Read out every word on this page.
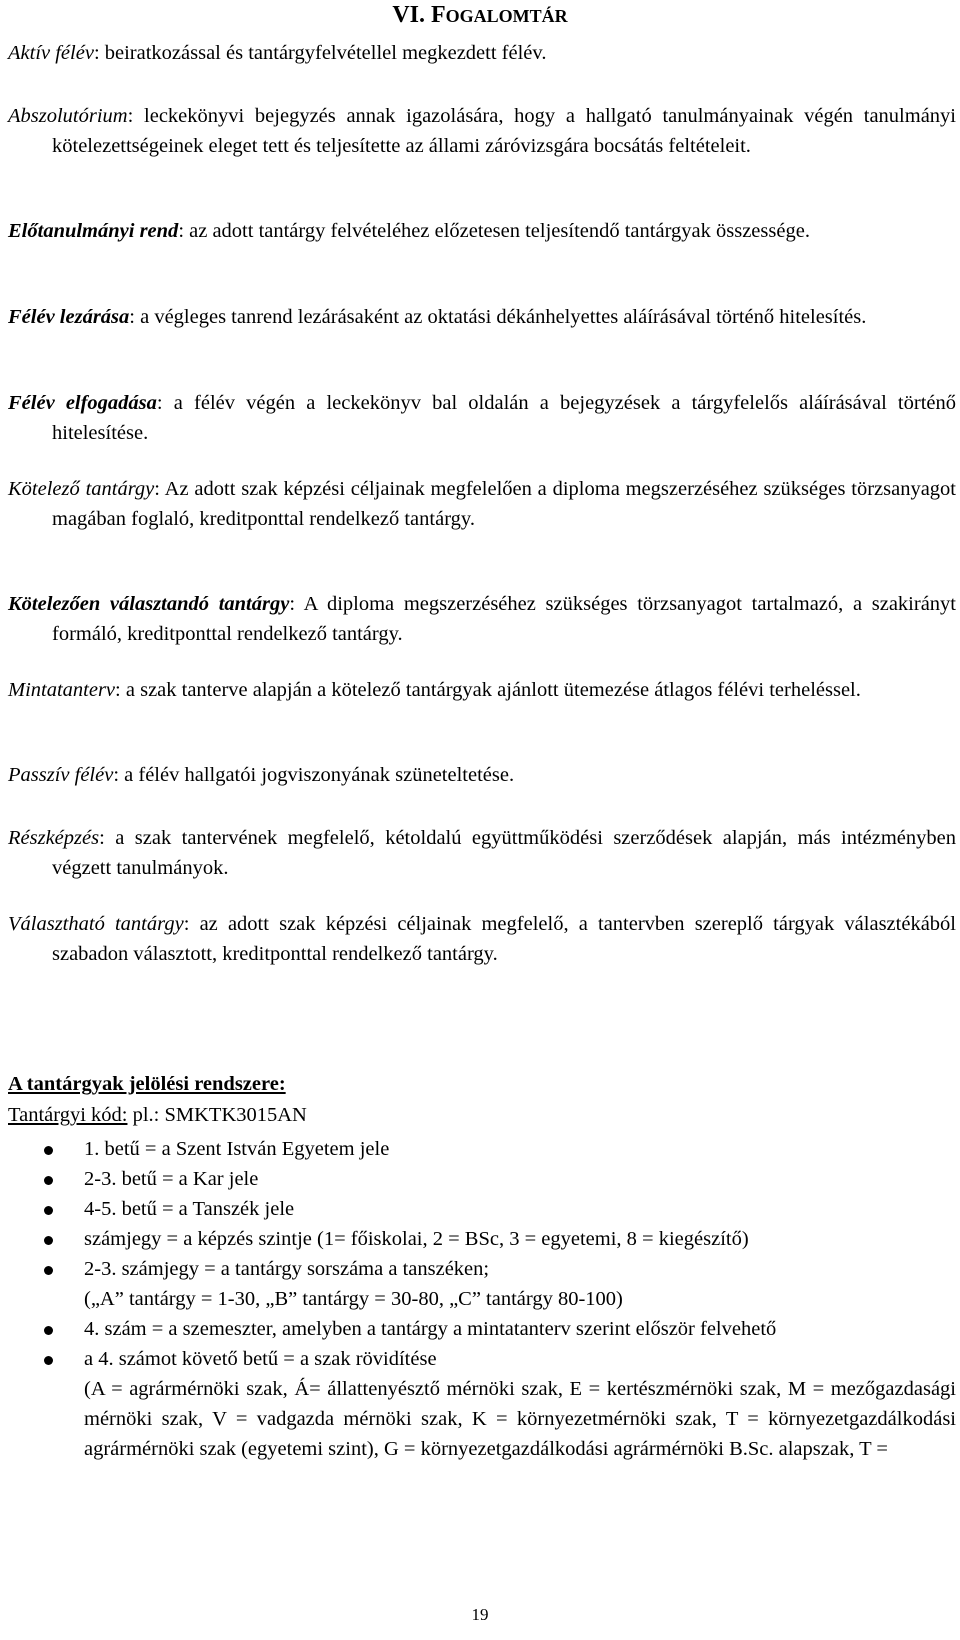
VI. FOGALOMTÁR
Aktív félév: beiratkozással és tantárgyfelvétellel megkezdett félév.
Abszolutórium: leckekönyvi bejegyzés annak igazolására, hogy a hallgató tanulmányainak végén tanulmányi kötelezettségeinek eleget tett és teljesítette az állami záróvizsgára bocsátás feltételeit.
Előtanulmányi rend: az adott tantárgy felvételéhez előzetesen teljesítendő tantárgyak összessége.
Félév lezárása: a végleges tanrend lezárásaként az oktatási dékánhelyettes aláírásával történő hitelesítés.
Félév elfogadása: a félév végén a leckekönyv bal oldalán a bejegyzések a tárgyfelelős aláírásával történő hitelesítése.
Kötelező tantárgy: Az adott szak képzési céljainak megfelelően a diploma megszerzéséhez szükséges törzsanyagot magában foglaló, kreditponttal rendelkező tantárgy.
Kötelezően választandó tantárgy: A diploma megszerzéséhez szükséges törzsanyagot tartalmazó, a szakirányt formáló, kreditponttal rendelkező tantárgy.
Mintatanterv: a szak tanterve alapján a kötelező tantárgyak ajánlott ütemezése átlagos félévi terheléssel.
Passzív félév: a félév hallgatói jogviszonyának szüneteltetése.
Részképzés: a szak tantervének megfelelő, kétoldalú együttműködési szerződések alapján, más intézményben végzett tanulmányok.
Választható tantárgy: az adott szak képzési céljainak megfelelő, a tantervben szereplő tárgyak választékából szabadon választott, kreditponttal rendelkező tantárgy.
A tantárgyak jelölési rendszere:
Tantárgyi kód: pl.: SMKTK3015AN
1. betű = a Szent István Egyetem jele
2-3. betű = a Kar jele
4-5. betű = a Tanszék jele
számjegy = a képzés szintje (1= főiskolai, 2 = BSc, 3 = egyetemi, 8 = kiegészítő)
2-3. számjegy = a tantárgy sorszáma a tanszéken;
(„A” tantárgy = 1-30, „B” tantárgy = 30-80, „C” tantárgy 80-100)
4. szám = a szemeszter, amelyben a tantárgy a mintatanterv szerint először felvehető
a 4. számot követő betű = a szak rövidítése
(A = agrármérnöki szak, Á= állattenyésztő mérnöki szak, E = kertészmérnöki szak, M = mezőgazdasági mérnöki szak, V = vadgazda mérnöki szak, K = környezetmérnöki szak, T = környezetgazdálkodási agrármérnöki szak (egyetemi szint), G = környezetgazdálkodási agrármérnöki B.Sc. alapszak, T =
19
